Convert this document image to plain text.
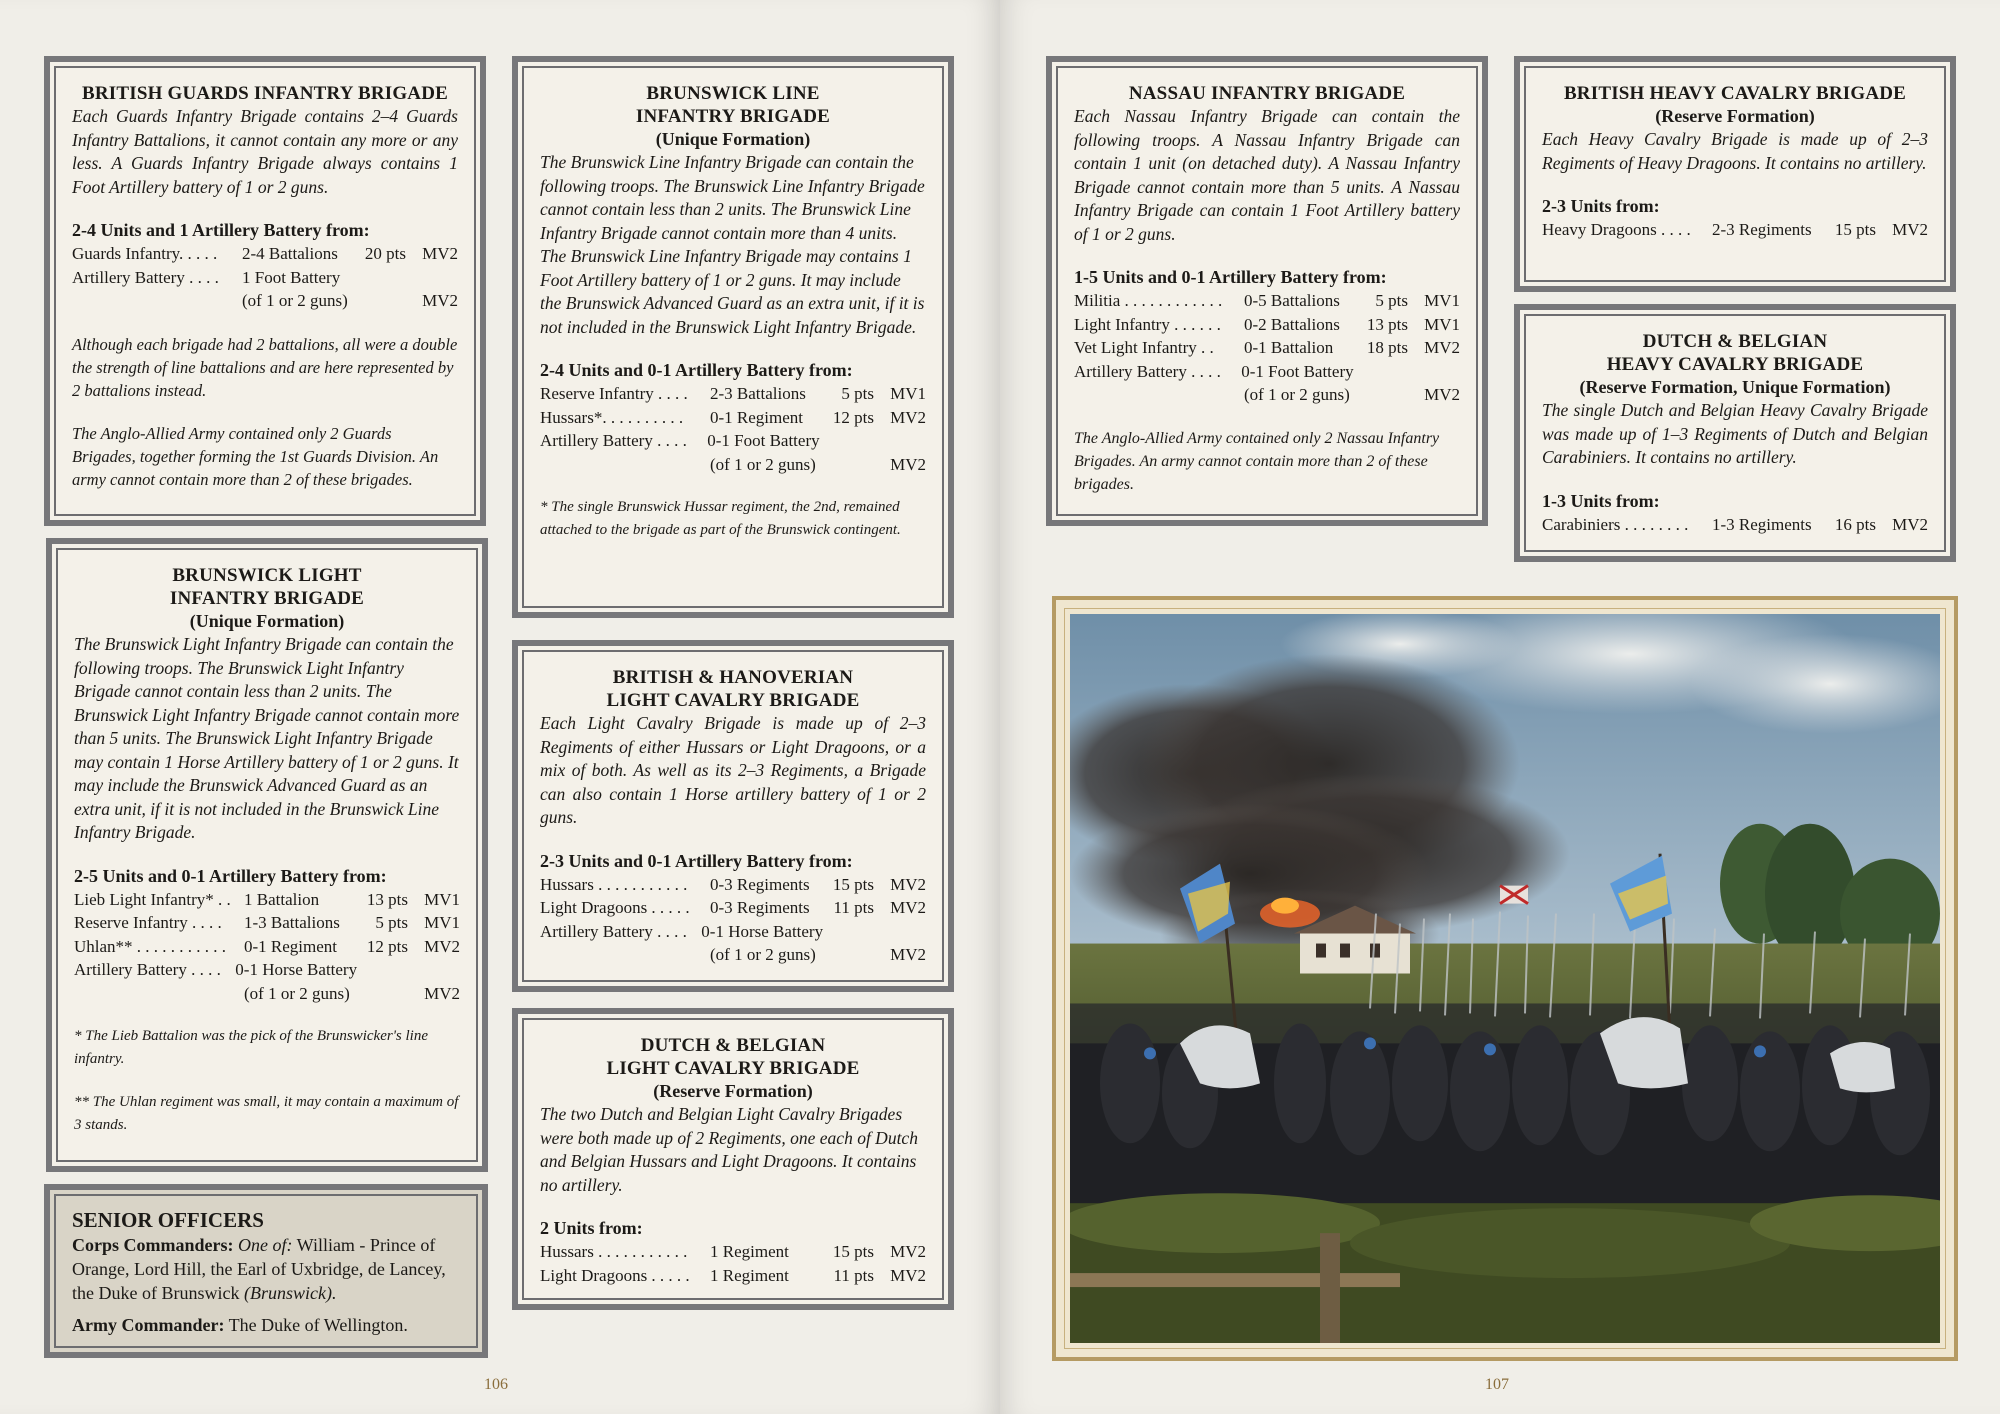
BRITISH GUARDS INFANTRY BRIGADE

Each Guards Infantry Brigade contains 2–4 Guards Infantry Battalions, it cannot contain any more or any less. A Guards Infantry Brigade always contains 1 Foot Artillery battery of 1 or 2 guns.

2-4 Units and 1 Artillery Battery from:
Guards Infantry. . . . .	2-4 Battalions	20 pts MV2
Artillery Battery . . . .	1 Foot Battery
(of 1 or 2 guns)	MV2
Although each brigade had 2 battalions, all were a double the strength of line battalions and are here represented by 2 battalions instead.
The Anglo-Allied Army contained only 2 Guards Brigades, together forming the 1st Guards Division. An army cannot contain more than 2 of these brigades.
BRUNSWICK LIGHT
INFANTRY BRIGADE
(Unique Formation)

The Brunswick Light Infantry Brigade can contain the following troops. The Brunswick Light Infantry Brigade cannot contain less than 2 units. The Brunswick Light Infantry Brigade cannot contain more than 5 units. The Brunswick Light Infantry Brigade may contain 1 Horse Artillery battery of 1 or 2 guns. It may include the Brunswick Advanced Guard as an extra unit, if it is not included in the Brunswick Line Infantry Brigade.

2-5 Units and 0-1 Artillery Battery from:
Lieb Light Infantry* . . 1 Battalion	13 pts MV1
Reserve Infantry . . . .	1-3 Battalions	5 pts MV1
Uhlan** . . . . . . . . . . .	0-1 Regiment	12 pts MV2
Artillery Battery . . . . 0-1 Horse Battery
(of 1 or 2 guns)	MV2
* The Lieb Battalion was the pick of the Brunswicker's line infantry.
** The Uhlan regiment was small, it may contain a maximum of 3 stands.
SENIOR OFFICERS

Corps Commanders: One of: William - Prince of Orange, Lord Hill, the Earl of Uxbridge, de Lancey, the Duke of Brunswick (Brunswick).

Army Commander: The Duke of Wellington.

BRUNSWICK LINE
INFANTRY BRIGADE
(Unique Formation)

The Brunswick Line Infantry Brigade can contain the following troops. The Brunswick Line Infantry Brigade cannot contain less than 2 units. The Brunswick Line Infantry Brigade cannot contain more than 4 units. The Brunswick Line Infantry Brigade may contains 1 Foot Artillery battery of 1 or 2 guns. It may include the Brunswick Advanced Guard as an extra unit, if it is not included in the Brunswick Light Infantry Brigade.

2-4 Units and 0-1 Artillery Battery from:
Reserve Infantry . . . .	2-3 Battalions	5 pts MV1
Hussars*. . . . . . . . . .	0-1 Regiment	12 pts MV2
Artillery Battery . . . .	0-1 Foot Battery
(of 1 or 2 guns)	MV2
* The single Brunswick Hussar regiment, the 2nd, remained attached to the brigade as part of the Brunswick contingent.
BRITISH & HANOVERIAN
LIGHT CAVALRY BRIGADE

Each Light Cavalry Brigade is made up of 2–3 Regiments of either Hussars or Light Dragoons, or a mix of both. As well as its 2–3 Regiments, a Brigade can also contain 1 Horse artillery battery of 1 or 2 guns.

2-3 Units and 0-1 Artillery Battery from:
Hussars . . . . . . . . . . .	0-3 Regiments	15 pts MV2
Light Dragoons . . . . .	0-3 Regiments	11 pts MV2
Artillery Battery . . . . 0-1 Horse Battery
(of 1 or 2 guns)	MV2
DUTCH & BELGIAN
LIGHT CAVALRY BRIGADE
(Reserve Formation)

The two Dutch and Belgian Light Cavalry Brigades were both made up of 2 Regiments, one each of Dutch and Belgian Hussars and Light Dragoons. It contains no artillery.

2 Units from:
Hussars . . . . . . . . . . .	1 Regiment	15 pts MV2
Light Dragoons . . . . .	1 Regiment	11 pts MV2
106
NASSAU INFANTRY BRIGADE

Each Nassau Infantry Brigade can contain the following troops. A Nassau Infantry Brigade can contain 1 unit (on detached duty). A Nassau Infantry Brigade cannot contain more than 5 units. A Nassau Infantry Brigade can contain 1 Foot Artillery battery of 1 or 2 guns.

1-5 Units and 0-1 Artillery Battery from:
Militia . . . . . . . . . . . .	0-5 Battalions	5 pts MV1
Light Infantry . . . . . .	0-2 Battalions	13 pts MV1
Vet Light Infantry . .	0-1 Battalion	18 pts MV2
Artillery Battery . . . .	0-1 Foot Battery
(of 1 or 2 guns)	MV2
The Anglo-Allied Army contained only 2 Nassau Infantry Brigades. An army cannot contain more than 2 of these brigades.
BRITISH HEAVY CAVALRY BRIGADE
(Reserve Formation)

Each Heavy Cavalry Brigade is made up of 2–3 Regiments of Heavy Dragoons. It contains no artillery.

2-3 Units from:
Heavy Dragoons . . . .	2-3 Regiments	15 pts MV2
DUTCH & BELGIAN
HEAVY CAVALRY BRIGADE
(Reserve Formation, Unique Formation)

The single Dutch and Belgian Heavy Cavalry Brigade was made up of 1–3 Regiments of Dutch and Belgian Carabiniers. It contains no artillery.

1-3 Units from:
Carabiniers . . . . . . . .	1-3 Regiments	16 pts MV2
107
